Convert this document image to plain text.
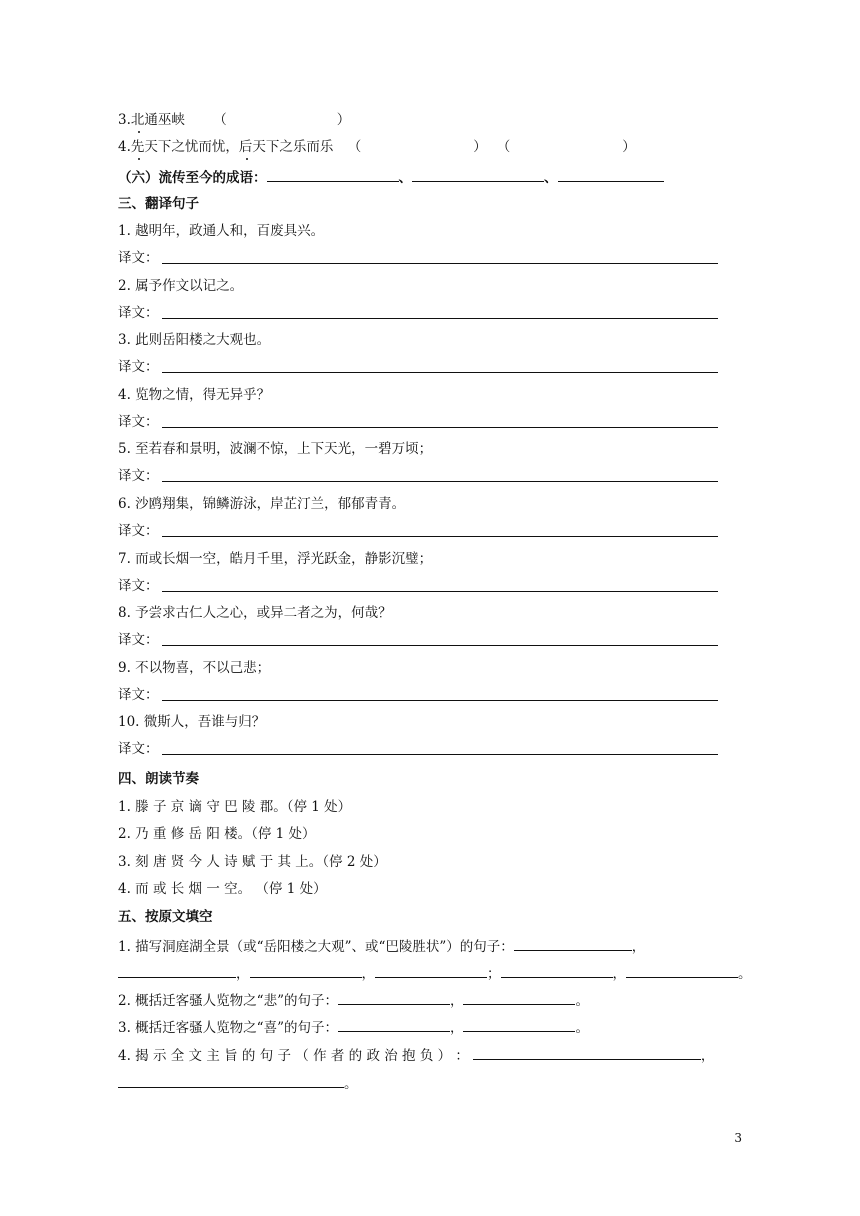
3.北通巫峡 （	）
4.先天下之忧而忧，后天下之乐而乐 （	） （	）
（六）流传至今的成语：	、	、
三、翻译句子
1. 越明年，政通人和，百废具兴。
译文：
2. 属予作文以记之。
译文：
3. 此则岳阳楼之大观也。
译文：
4. 览物之情，得无异乎？
译文：
5. 至若春和景明，波澜不惊，上下天光，一碧万顷；
译文：
6. 沙鸥翔集，锦鳞游泳，岸芷汀兰，郁郁青青。
译文：
7. 而或长烟一空，皓月千里，浮光跃金，静影沉璧；
译文：
8. 予尝求古仁人之心，或异二者之为，何哉？
译文：
9. 不以物喜，不以己悲；
译文：
10. 微斯人，吾谁与归？
译文：
四、朗读节奏
1. 滕 子 京 谪 守 巴 陵 郡。（停 1 处）
2. 乃 重 修 岳 阳 楼。（停 1 处）
3. 刻 唐 贤 今 人 诗 赋 于 其 上。（停 2 处）
4. 而 或 长 烟 一 空。 （停 1 处）
五、按原文填空
1. 描写洞庭湖全景（或“岳阳楼之大观”、或“巴陵胜状”）的句子：	，
，	，	；	，	。
2. 概括迁客骚人览物之“悲”的句子：	，	。
3. 概括迁客骚人览物之“喜”的句子：	，	。
4. 揭 示 全 文 主 旨 的 句 子 （ 作 者 的 政 治 抱 负 ） ：	，
。
3
